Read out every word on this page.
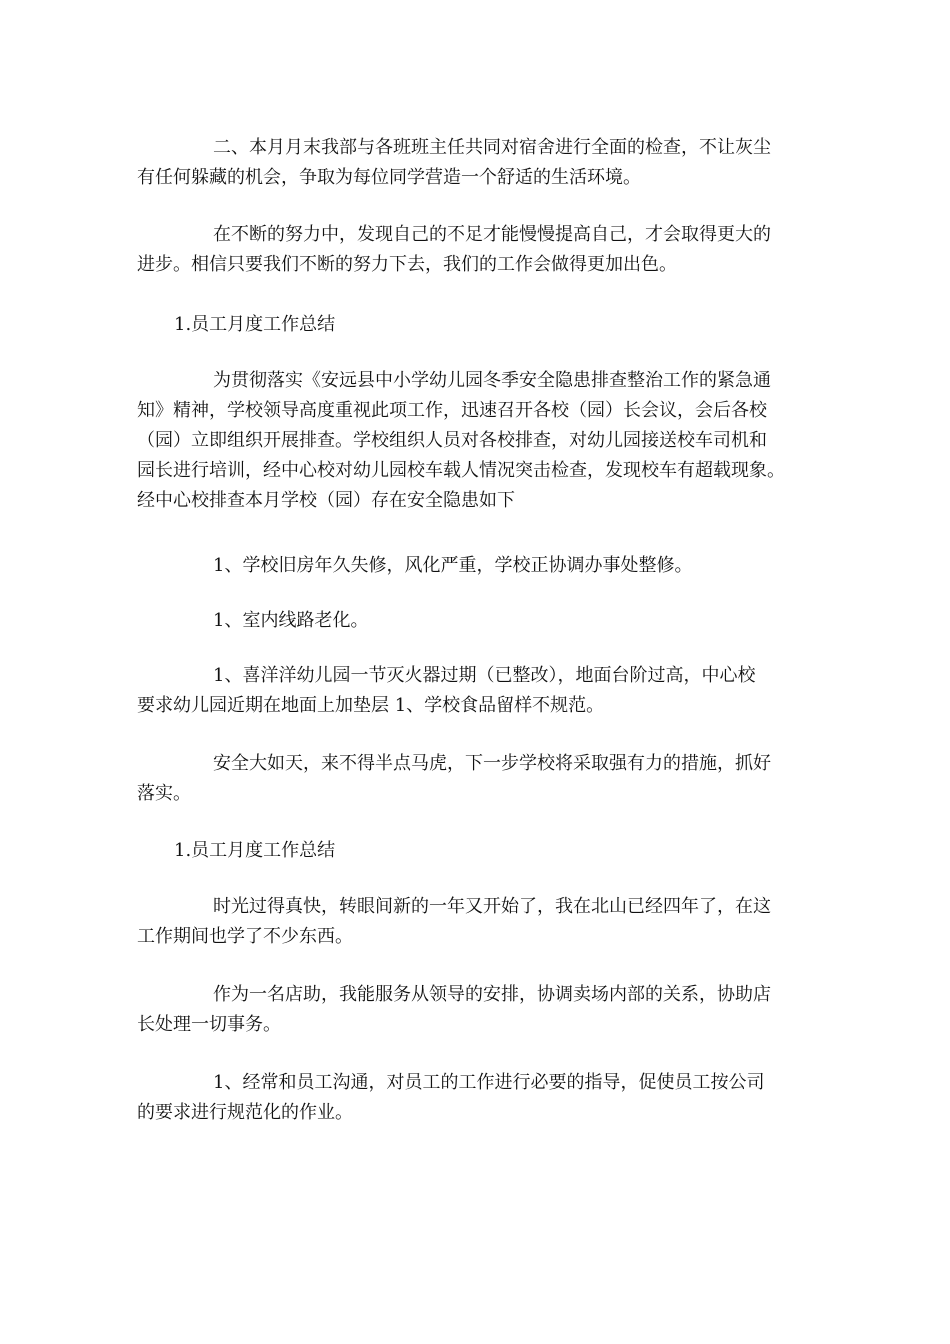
二、本月月末我部与各班班主任共同对宿舍进行全面的检查，不让灰尘
有任何躲藏的机会，争取为每位同学营造一个舒适的生活环境。

在不断的努力中，发现自己的不足才能慢慢提高自己，才会取得更大的
进步。相信只要我们不断的努力下去，我们的工作会做得更加出色。

1.员工月度工作总结

为贯彻落实《安远县中小学幼儿园冬季安全隐患排查整治工作的紧急通
知》精神，学校领导高度重视此项工作，迅速召开各校（园）长会议，会后各校
（园）立即组织开展排查。学校组织人员对各校排查，对幼儿园接送校车司机和
园长进行培训，经中心校对幼儿园校车载人情况突击检查，发现校车有超载现象。
经中心校排查本月学校（园）存在安全隐患如下

1、学校旧房年久失修，风化严重，学校正协调办事处整修。

1、室内线路老化。

1、喜洋洋幼儿园一节灭火器过期（已整改），地面台阶过高，中心校
要求幼儿园近期在地面上加垫层 1、学校食品留样不规范。

安全大如天，来不得半点马虎，下一步学校将采取强有力的措施，抓好
落实。

1.员工月度工作总结

时光过得真快，转眼间新的一年又开始了，我在北山已经四年了，在这
工作期间也学了不少东西。

作为一名店助，我能服务从领导的安排，协调卖场内部的关系，协助店
长处理一切事务。

1、经常和员工沟通，对员工的工作进行必要的指导，促使员工按公司
的要求进行规范化的作业。
